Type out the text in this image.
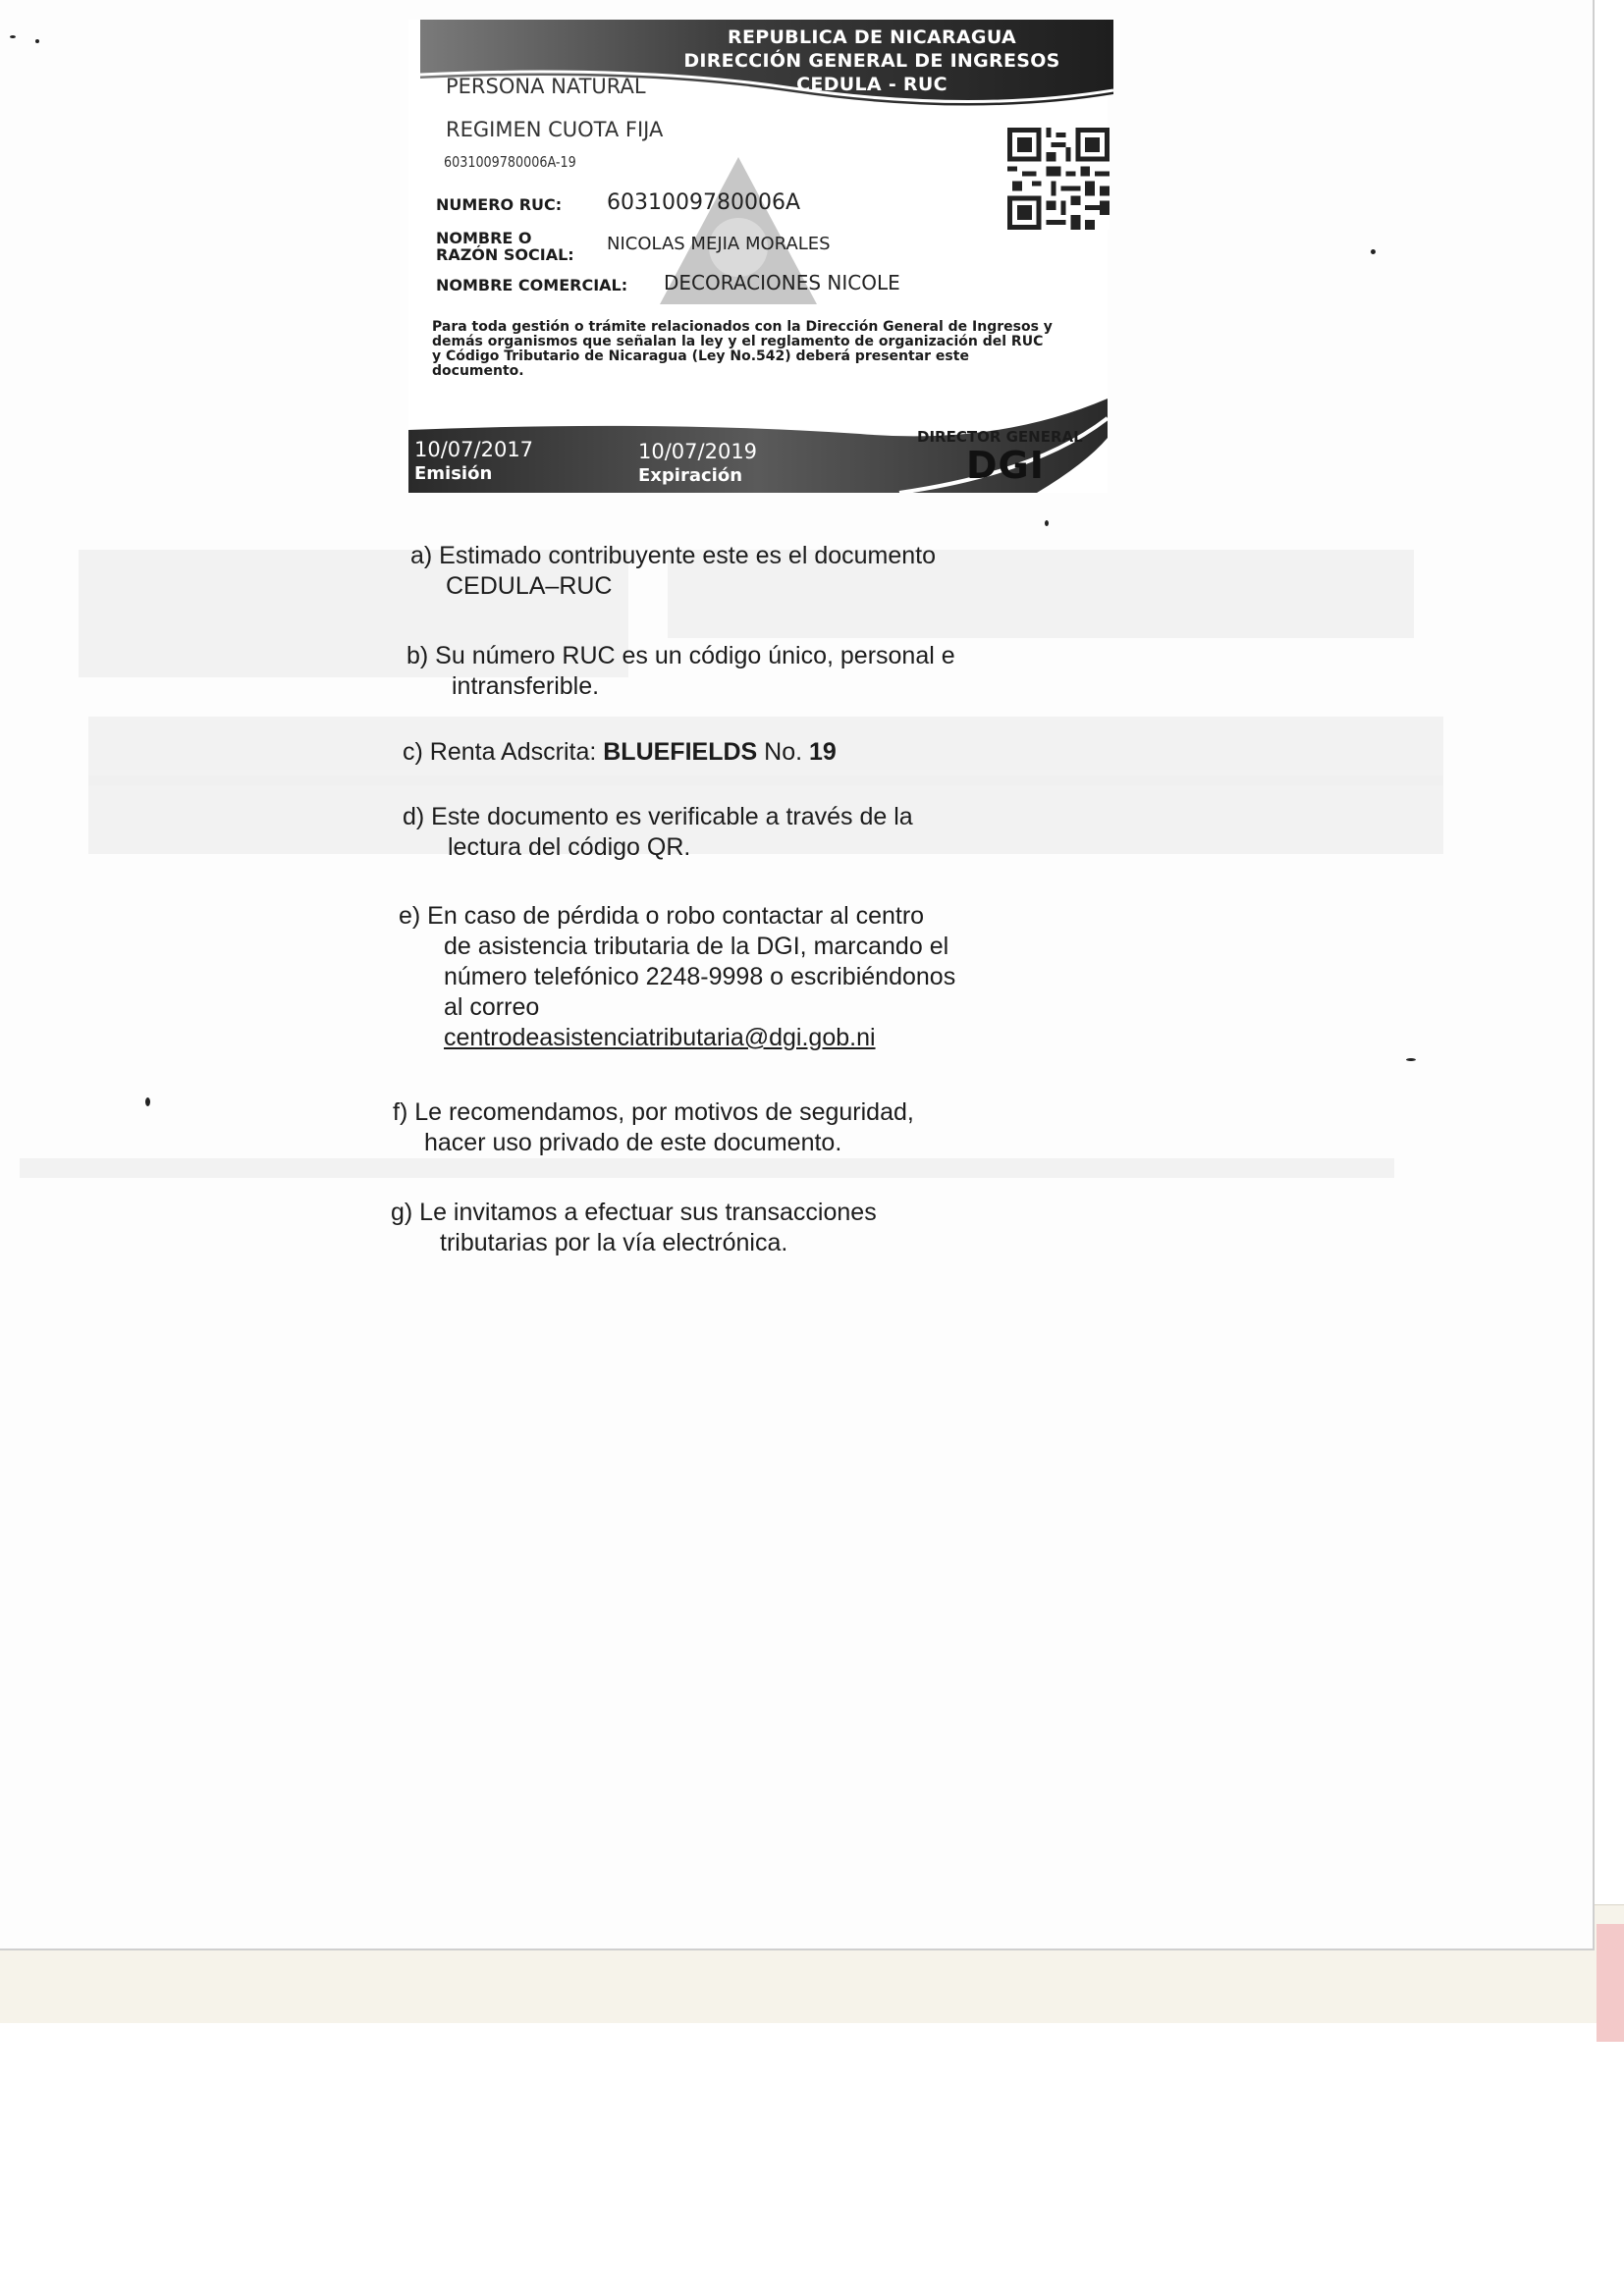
REPUBLICA DE NICARAGUA
DIRECCIÓN GENERAL DE INGRESOS
CEDULA - RUC
PERSONA NATURAL
REGIMEN CUOTA FIJA
6031009780006A-19
NUMERO RUC: 6031009780006A
NOMBRE O RAZÓN SOCIAL:
NICOLAS MEJIA MORALES
NOMBRE COMERCIAL: DECORACIONES NICOLE
Para toda gestión o trámite relacionados con la Dirección General de Ingresos y demás organismos que señalan la ley y el reglamento de organización del RUC y Código Tributario de Nicaragua (Ley No.542) deberá presentar este documento.
10/07/2017
Emisión
10/07/2019
Expiración
DIRECTOR GENERAL
DGI
a) Estimado contribuyente este es el documento
CEDULA–RUC
b) Su número RUC es un código único, personal e
intransferible.
c) Renta Adscrita: BLUEFIELDS No. 19
d) Este documento es verificable a través de la
lectura del código QR.
e) En caso de pérdida o robo contactar al centro
de asistencia tributaria de la DGI, marcando el
número telefónico 2248-9998 o escribiéndonos
al correo
centrodeasistenciatributaria@dgi.gob.ni
f) Le recomendamos, por motivos de seguridad,
hacer uso privado de este documento.
g) Le invitamos a efectuar sus transacciones
tributarias por la vía electrónica.
